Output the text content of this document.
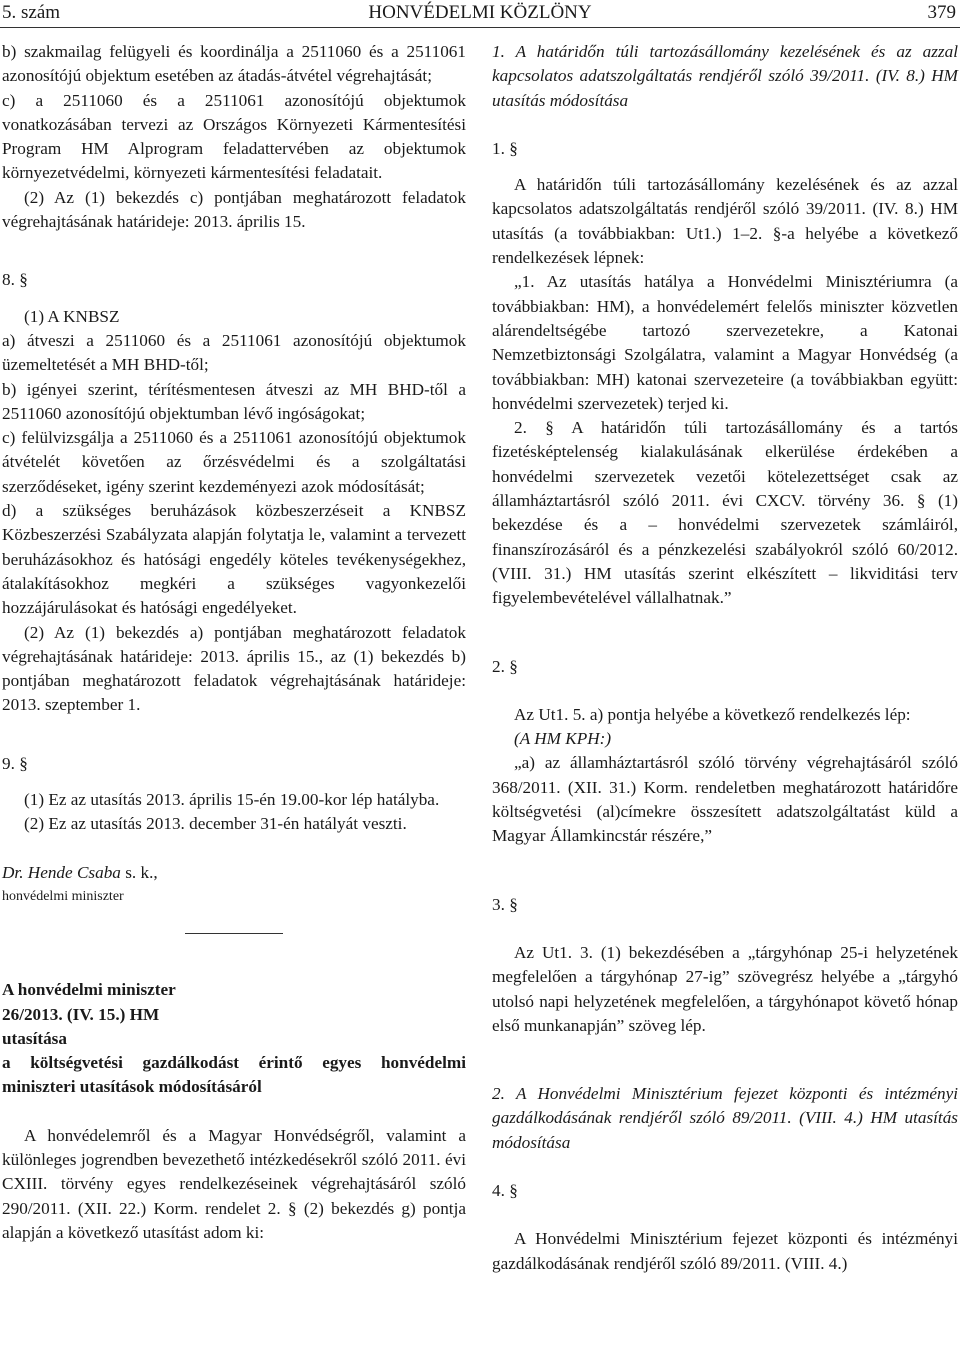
5. szám	HONVÉDELMI KÖZLÖNY	379

b) szakmailag felügyeli és koordinálja a 2511060 és a 2511061 azonosítójú objektum esetében az átadás-átvétel végrehajtását;

c) a 2511060 és a 2511061 azonosítójú objektumok vonatkozásában tervezi az Országos Környezeti Kármentesítési Program HM Alprogram feladattervében az objektumok környezetvédelmi, környezeti kármentesítési feladatait.

(2) Az (1) bekezdés c) pontjában meghatározott feladatok végrehajtásának határideje: 2013. április 15.

8. §

(1) A KNBSZ

a) átveszi a 2511060 és a 2511061 azonosítójú objektumok üzemeltetését a MH BHD-től;

b) igényei szerint, térítésmentesen átveszi az MH BHD-től a 2511060 azonosítójú objektumban lévő ingóságokat;

c) felülvizsgálja a 2511060 és a 2511061 azonosítójú objektumok átvételét követően az őrzésvédelmi és a szolgáltatási szerződéseket, igény szerint kezdeményezi azok módosítását;

d) a szükséges beruházások közbeszerzéseit a KNBSZ Közbeszerzési Szabályzata alapján folytatja le, valamint a tervezett beruházásokhoz és hatósági engedély köteles tevékenységekhez, átalakításokhoz megkéri a szükséges vagyonkezelői hozzájárulásokat és hatósági engedélyeket.

(2) Az (1) bekezdés a) pontjában meghatározott feladatok végrehajtásának határideje: 2013. április 15., az (1) bekezdés b) pontjában meghatározott feladatok végrehajtásának határideje: 2013. szeptember 1.

9. §

(1) Ez az utasítás 2013. április 15-én 19.00-kor lép hatályba.

(2) Ez az utasítás 2013. december 31-én hatályát veszti.

Dr. Hende Csaba s. k.,

honvédelmi miniszter

A honvédelmi miniszter

26/2013. (IV. 15.) HM

utasítása

a költségvetési gazdálkodást érintő egyes honvédelmi miniszteri utasítások módosításáról

A honvédelemről és a Magyar Honvédségről, valamint a különleges jogrendben bevezethető intézkedésekről szóló 2011. évi CXIII. törvény egyes rendelkezéseinek végrehajtásáról szóló 290/2011. (XII. 22.) Korm. rendelet 2. § (2) bekezdés g) pontja alapján a következő utasítást adom ki:

1. A határidőn túli tartozásállomány kezelésének és az azzal kapcsolatos adatszolgáltatás rendjéről szóló 39/2011. (IV. 8.) HM utasítás módosítása

1. §

A határidőn túli tartozásállomány kezelésének és az azzal kapcsolatos adatszolgáltatás rendjéről szóló 39/2011. (IV. 8.) HM utasítás (a továbbiakban: Ut1.) 1–2. §-a helyébe a következő rendelkezések lépnek:

„1. Az utasítás hatálya a Honvédelmi Minisztériumra (a továbbiakban: HM), a honvédelemért felelős miniszter közvetlen alárendeltségébe tartozó szervezetekre, a Katonai Nemzetbiztonsági Szolgálatra, valamint a Magyar Honvédség (a továbbiakban: MH) katonai szervezeteire (a továbbiakban együtt: honvédelmi szervezetek) terjed ki.

2. § A határidőn túli tartozásállomány és a tartós fizetésképtelenség kialakulásának elkerülése érdekében a honvédelmi szervezetek vezetői kötelezettséget csak az államháztartásról szóló 2011. évi CXCV. törvény 36. § (1) bekezdése és a – honvédelmi szervezetek számláiról, finanszírozásáról és a pénzkezelési szabályokról szóló 60/2012. (VIII. 31.) HM utasítás szerint elkészített – likviditási terv figyelembevételével vállalhatnak.”

2. §

Az Ut1. 5. a) pontja helyébe a következő rendelkezés lép:

(A HM KPH:)

„a) az államháztartásról szóló törvény végrehajtásáról szóló 368/2011. (XII. 31.) Korm. rendeletben meghatározott határidőre költségvetési (al)címekre összesített adatszolgáltatást küld a Magyar Államkincstár részére,”

3. §

Az Ut1. 3. (1) bekezdésében a „tárgyhónap 25-i helyzetének megfelelően a tárgyhónap 27-ig” szövegrész helyébe a „tárgyhó utolsó napi helyzetének megfelelően, a tárgyhónapot követő hónap első munkanapján” szöveg lép.

2. A Honvédelmi Minisztérium fejezet központi és intézményi gazdálkodásának rendjéről szóló 89/2011. (VIII. 4.) HM utasítás módosítása

4. §

A Honvédelmi Minisztérium fejezet központi és intézményi gazdálkodásának rendjéről szóló 89/2011. (VIII. 4.)
